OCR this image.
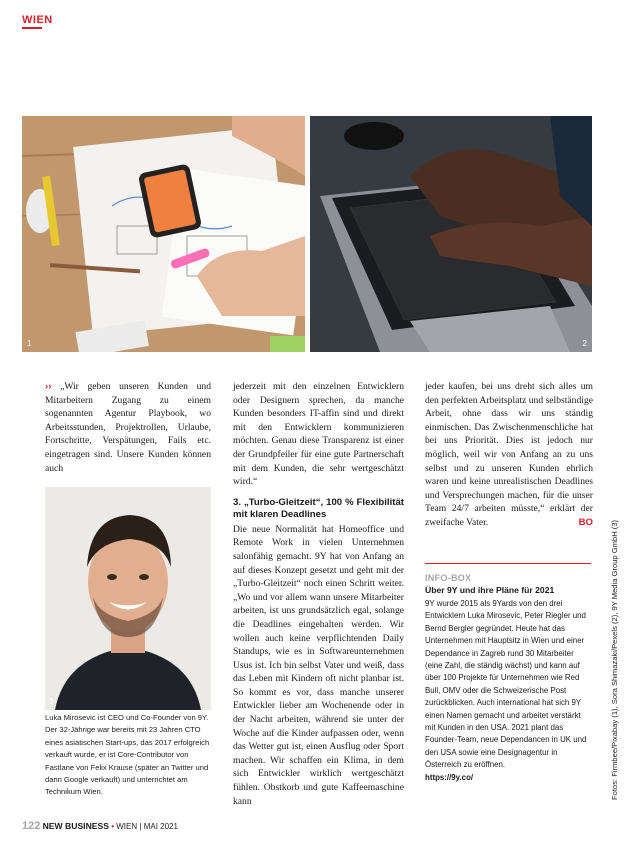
WIEN
1	2

›› „Wir geben unseren Kunden und Mitarbeitern Zugang zu einem sogenannten Agentur Playbook, wo Arbeitsstunden, Projektrollen, Urlaube, Fortschritte, Verspätungen, Fails etc. eingetragen sind. Unsere Kunden können auch

3
Luka Mirosevic ist CEO und Co-Founder von 9Y. Der 32-Jährige war bereits mit 23 Jahren CTO eines asiatischen Start-ups, das 2017 erfolgreich verkauft wurde, er ist Core-Contributor von Fastlane von Felix Krause (später an Twitter und dann Google verkauft) und unterrichtet am Technikum Wien.

jederzeit mit den einzelnen Entwicklern oder Designern sprechen, da manche Kunden besonders IT-affin sind und direkt mit den Entwicklern kommunizieren möchten. Genau diese Transparenz ist einer der Grundpfeiler für eine gute Partnerschaft mit dem Kunden, die sehr wertgeschätzt wird.“

3. „Turbo-Gleitzeit“, 100 % Flexibilität mit klaren Deadlines

Die neue Normalität hat Homeoffice und Remote Work in vielen Unternehmen salonfähig gemacht. 9Y hat von Anfang an auf dieses Konzept gesetzt und geht mit der „Turbo-Gleitzeit“ noch einen Schritt weiter. „Wo und vor allem wann unsere Mitarbeiter arbeiten, ist uns grundsätzlich egal, solange die Deadlines eingehalten werden. Wir wollen auch keine verpflichtenden Daily Standups, wie es in Softwareunternehmen Usus ist. Ich bin selbst Vater und weiß, dass das Leben mit Kindern oft nicht planbar ist. So kommt es vor, dass manche unserer Entwickler lieber am Wochenende oder in der Nacht arbeiten, während sie unter der Woche auf die Kinder aufpassen oder, wenn das Wetter gut ist, einen Ausflug oder Sport machen. Wir schaffen ein Klima, in dem sich Entwickler wirklich wertgeschätzt fühlen. Obstkorb und gute Kaffeemaschine kann

jeder kaufen, bei uns dreht sich alles um den perfekten Arbeitsplatz und selbständige Arbeit, ohne dass wir uns ständig einmischen. Das Zwischenmenschliche hat bei uns Priorität. Dies ist jedoch nur möglich, weil wir von Anfang an zu uns selbst und zu unseren Kunden ehrlich waren und keine unrealistischen Deadlines und Versprechungen machen, für die unser Team 24/7 arbeiten müsste,“ erklärt der zweifache Vater.	BO

INFO-BOX
Über 9Y und ihre Pläne für 2021
9Y wurde 2015 als 9Yards von den drei Entwicklern Luka Mirosevic, Peter Riegler und Bernd Bergler gegründet. Heute hat das Unternehmen mit Hauptsitz in Wien und einer Dependance in Zagreb rund 30 Mitarbeiter (eine Zahl, die ständig wächst) und kann auf über 100 Projekte für Unternehmen wie Red Bull, OMV oder die Schweizerische Post zurückblicken. Auch international hat sich 9Y einen Namen gemacht und arbeitet verstärkt mit Kunden in den USA. 2021 plant das Founder-Team, neue Dependancen in UK und den USA sowie eine Designagentur in Österreich zu eröffnen.
https://9y.co/	Fotos: Firmbee/Pixabay (1), Sora Shimazaki/Pexels (2), 9Y Media Group GmbH (3)
122 NEW BUSINESS • WIEN | MAI 2021
